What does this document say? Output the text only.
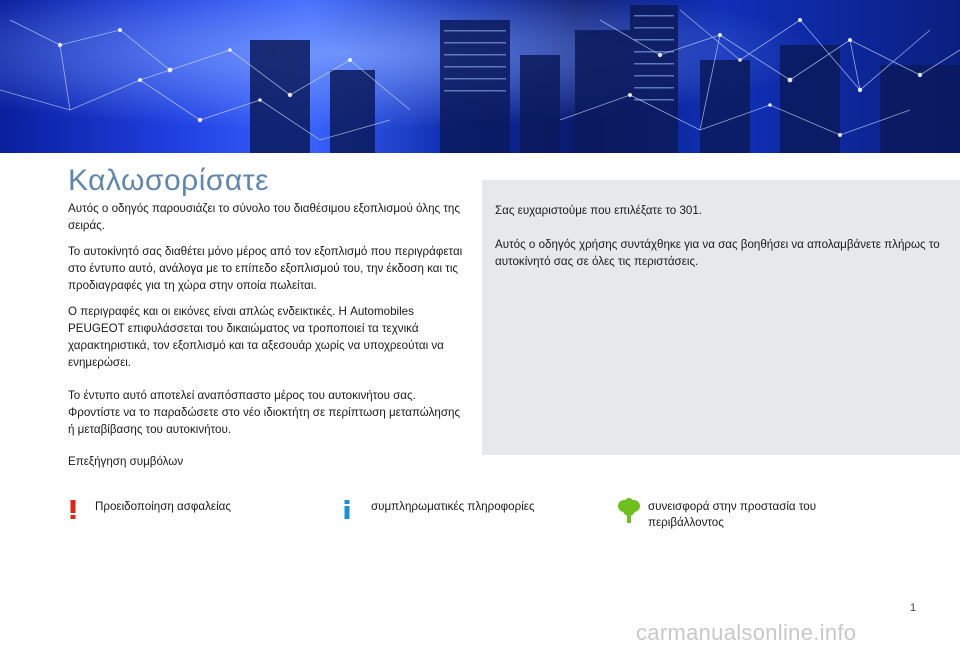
Καλωσορίσατε

Αυτός ο οδηγός παρουσιάζει το σύνολο του διαθέσιμου εξοπλισμού όλης της σειράς.

Το αυτοκίνητό σας διαθέτει μόνο μέρος από τον εξοπλισμό που περιγράφεται στο έντυπο αυτό, ανάλογα με το επίπεδο εξοπλισμού του, την έκδοση και τις προδιαγραφές για τη χώρα στην οποία πωλείται.

Ο περιγραφές και οι εικόνες είναι απλώς ενδεικτικές. Η Automobiles PEUGEOT επιφυλάσσεται του δικαιώματος να τροποποιεί τα τεχνικά χαρακτηριστικά, τον εξοπλισμό και τα αξεσουάρ χωρίς να υποχρεούται να ενημερώσει.

Το έντυπο αυτό αποτελεί αναπόσπαστο μέρος του αυτοκινήτου σας. Φροντίστε να το παραδώσετε στο νέο ιδιοκτήτη σε περίπτωση μεταπώλησης ή μεταβίβασης του αυτοκινήτου.

Επεξήγηση συμβόλων

Σας ευχαριστούμε που επιλέξατε το 301.

Αυτός ο οδηγός χρήσης συντάχθηκε για να σας βοηθήσει να απολαμβάνετε πλήρως το αυτοκίνητό σας σε όλες τις περιστάσεις.

Προειδοποίηση ασφαλείας	συμπληρωματικές πληροφορίες	συνεισφορά στην προστασία του περιβάλλοντος
1
carmanualsonline.info
